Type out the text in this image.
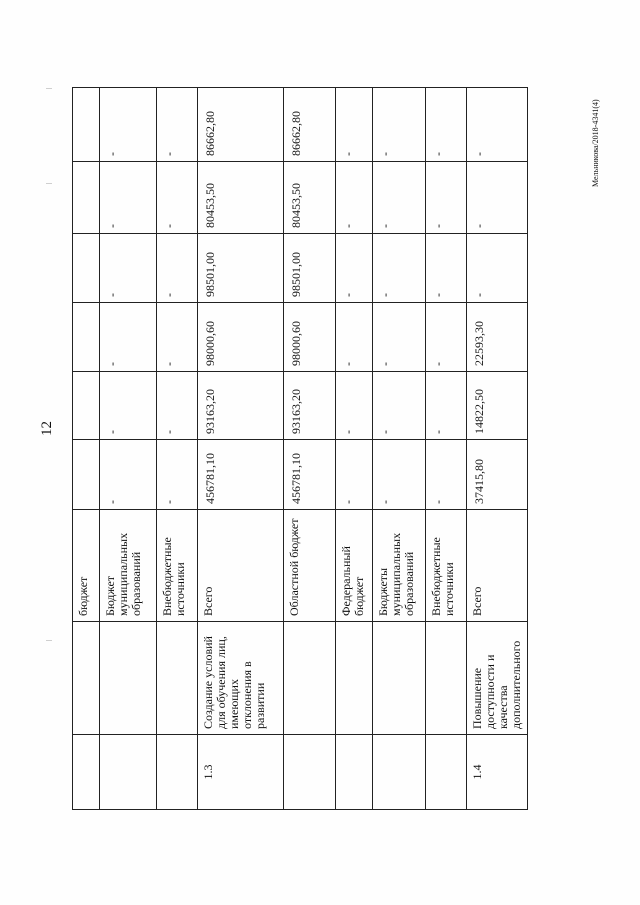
12
Мельникова/2018-4341(4)
		бюджет						
		Бюджет муниципальных образований	-	-	-	-	-	-
		Внебюджетные источники	-	-	-	-	-	-
1.3	Создание условий для обучения лиц, имеющих отклонения в развитии	Всего	456781,10	93163,20	98000,60	98501,00	80453,50	86662,80
		Областной бюджет	456781,10	93163,20	98000,60	98501,00	80453,50	86662,80
		Федеральный бюджет	-	-	-	-	-	-
		Бюджеты муниципальных образований	-	-	-	-	-	-
		Внебюджетные источники	-	-	-	-	-	-
1.4	Повышение доступности и качества дополнительного	Всего	37415,80	14822,50	22593,30	-	-	-
